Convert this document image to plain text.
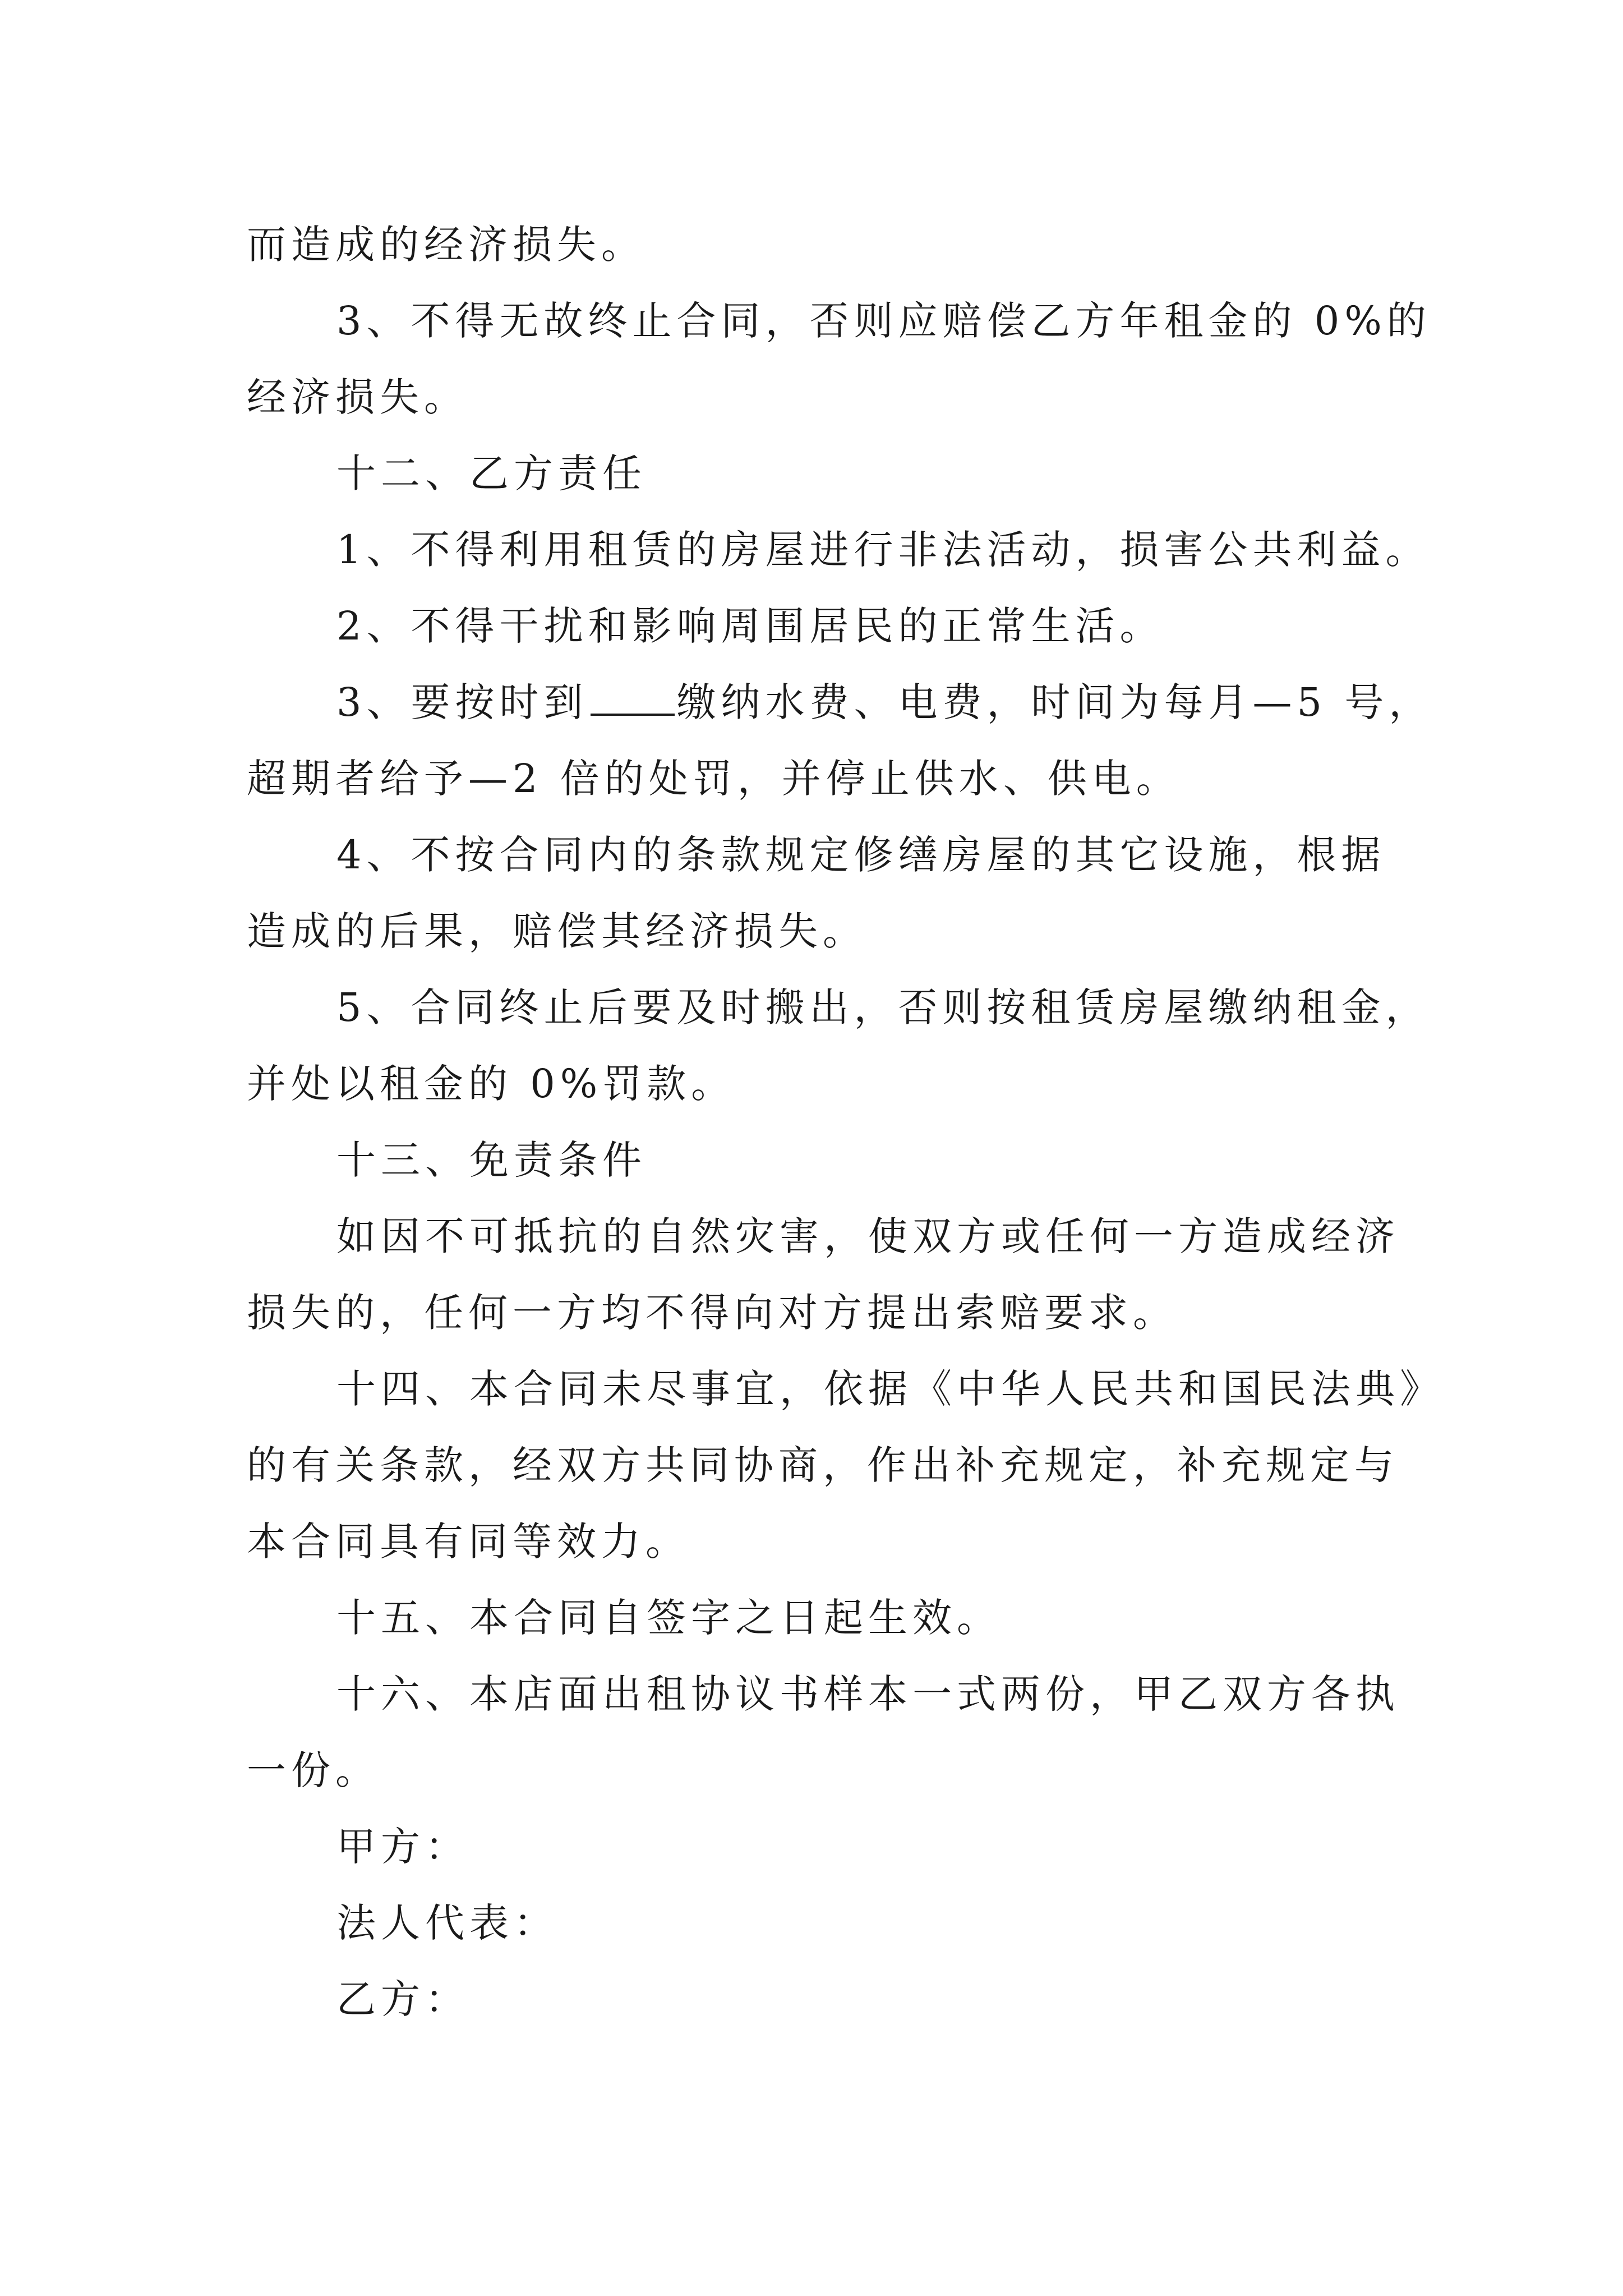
而造成的经济损失。
3、不得无故终止合同，否则应赔偿乙方年租金的 0%的
经济损失。
十二、乙方责任
1、不得利用租赁的房屋进行非法活动，损害公共利益。
2、不得干扰和影响周围居民的正常生活。
3、要按时到 缴纳水费、电费，时间为每月—5 号，
超期者给予—2 倍的处罚，并停止供水、供电。
4、不按合同内的条款规定修缮房屋的其它设施，根据
造成的后果，赔偿其经济损失。
5、合同终止后要及时搬出，否则按租赁房屋缴纳租金，
并处以租金的 0%罚款。
十三、免责条件
如因不可抵抗的自然灾害，使双方或任何一方造成经济
损失的，任何一方均不得向对方提出索赔要求。
十四、本合同未尽事宜，依据《中华人民共和国民法典》
的有关条款，经双方共同协商，作出补充规定，补充规定与
本合同具有同等效力。
十五、本合同自签字之日起生效。
十六、本店面出租协议书样本一式两份，甲乙双方各执
一份。
甲方：
法人代表：
乙方：
